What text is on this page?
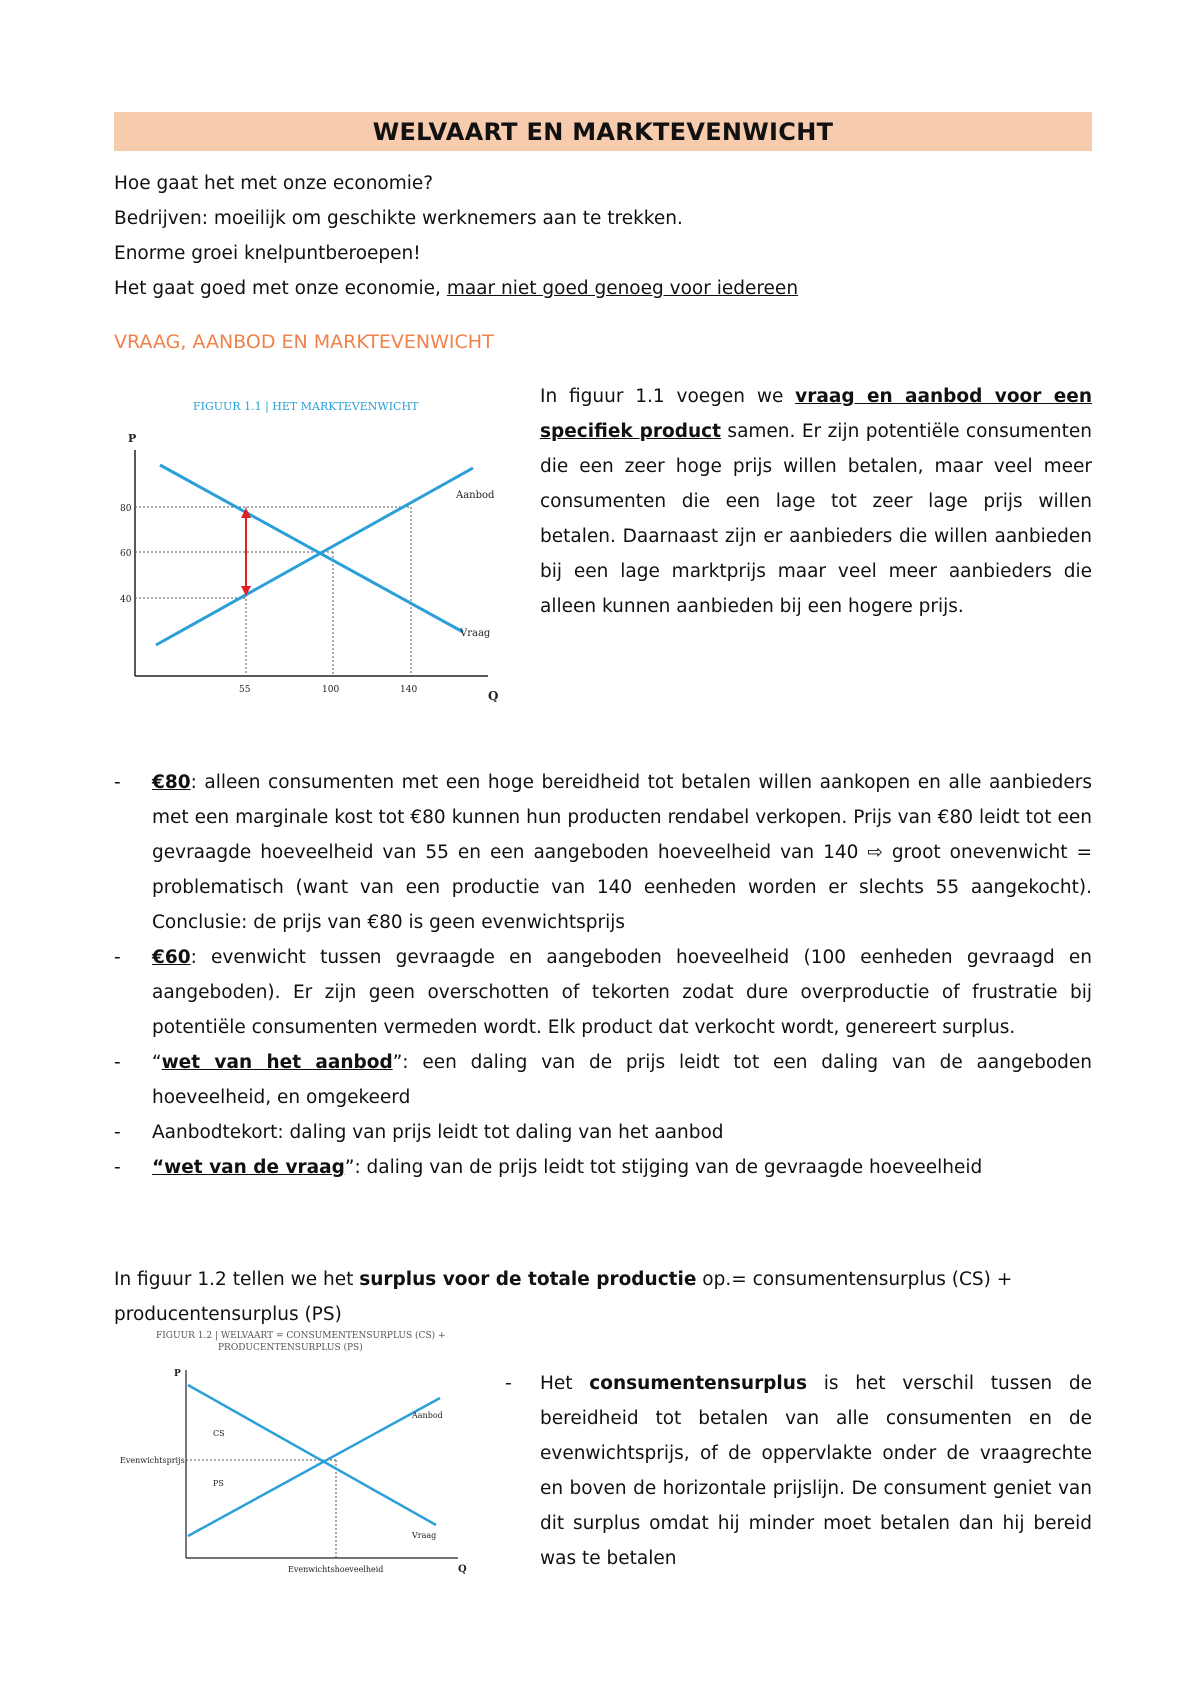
WELVAART EN MARKTEVENWICHT
Hoe gaat het met onze economie?
Bedrijven: moeilijk om geschikte werknemers aan te trekken.
Enorme groei knelpuntberoepen!
Het gaat goed met onze economie, maar niet goed genoeg voor iedereen
VRAAG, AANBOD EN MARKTEVENWICHT
FIGUUR 1.1 | HET MARKTEVENWICHT
P
Q
80
60
40
55	100	140
Aanbod
Vraag
In figuur 1.1 voegen we vraag en aanbod voor een specifiek product samen. Er zijn potentiële consumenten die een zeer hoge prijs willen betalen, maar veel meer consumenten die een lage tot zeer lage prijs willen betalen. Daarnaast zijn er aanbieders die willen aanbieden bij een lage marktprijs maar veel meer aanbieders die alleen kunnen aanbieden bij een hogere prijs.
- €80: alleen consumenten met een hoge bereidheid tot betalen willen aankopen en alle aanbieders met een marginale kost tot €80 kunnen hun producten rendabel verkopen. Prijs van €80 leidt tot een gevraagde hoeveelheid van 55 en een aangeboden hoeveelheid van 140 ⇨ groot onevenwicht = problematisch (want van een productie van 140 eenheden worden er slechts 55 aangekocht). Conclusie: de prijs van €80 is geen evenwichtsprijs
- €60: evenwicht tussen gevraagde en aangeboden hoeveelheid (100 eenheden gevraagd en aangeboden). Er zijn geen overschotten of tekorten zodat dure overproductie of frustratie bij potentiële consumenten vermeden wordt. Elk product dat verkocht wordt, genereert surplus.
- “wet van het aanbod”: een daling van de prijs leidt tot een daling van de aangeboden hoeveelheid, en omgekeerd
- Aanbodtekort: daling van prijs leidt tot daling van het aanbod
- “wet van de vraag”: daling van de prijs leidt tot stijging van de gevraagde hoeveelheid
In figuur 1.2 tellen we het surplus voor de totale productie op.= consumentensurplus (CS) + producentensurplus (PS)
FIGUUR 1.2 | WELVAART = CONSUMENTENSURPLUS (CS) +
PRODUCENTENSURPLUS (PS)
P
Q
Evenwichtsprijs
Evenwichtshoeveelheid
CS
PS
Aanbod
Vraag
- Het consumentensurplus is het verschil tussen de bereidheid tot betalen van alle consumenten en de evenwichtsprijs, of de oppervlakte onder de vraagrechte en boven de horizontale prijslijn. De consument geniet van dit surplus omdat hij minder moet betalen dan hij bereid was te betalen
